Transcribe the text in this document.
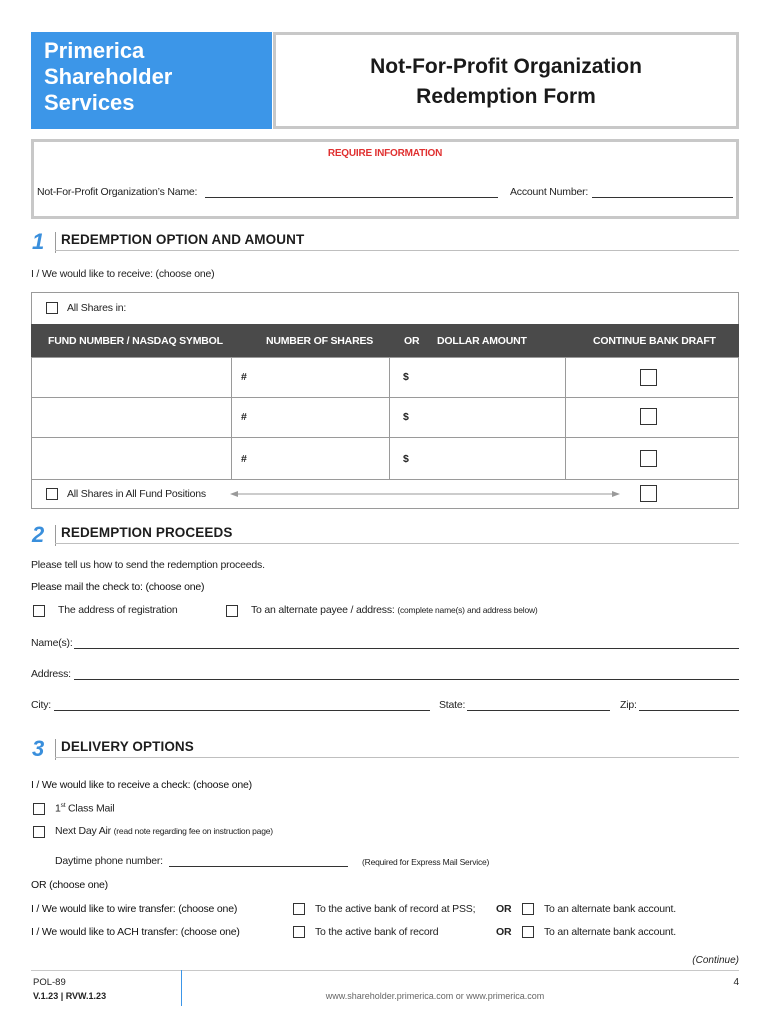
Primerica
Shareholder
Services
Not-For-Profit Organization
Redemption Form
REQUIRE INFORMATION
Not-For-Profit Organization’s Name:	Account Number:
1 REDEMPTION OPTION AND AMOUNT
I / We would like to receive: (choose one)
All Shares in:
FUND NUMBER / NASDAQ SYMBOL	NUMBER OF SHARES	OR DOLLAR AMOUNT	CONTINUE BANK DRAFT

#	$
#	$
#	$
All Shares in All Fund Positions
2 REDEMPTION PROCEEDS
Please tell us how to send the redemption proceeds.
Please mail the check to: (choose one)
The address of registration	To an alternate payee / address: (complete name(s) and address below)
Name(s):
Address:
City:	State:	Zip:
3 DELIVERY OPTIONS
I / We would like to receive a check: (choose one)
1st Class Mail
Next Day Air (read note regarding fee on instruction page)
Daytime phone number:	(Required for Express Mail Service)
OR (choose one)
I / We would like to wire transfer: (choose one)	To the active bank of record at PSS; OR	To an alternate bank account.
I / We would like to ACH transfer: (choose one)	To the active bank of record	OR	To an alternate bank account.
(Continue)
POL-89
V.1.23 | RVW.1.23
4
www.shareholder.primerica.com or www.primerica.com
